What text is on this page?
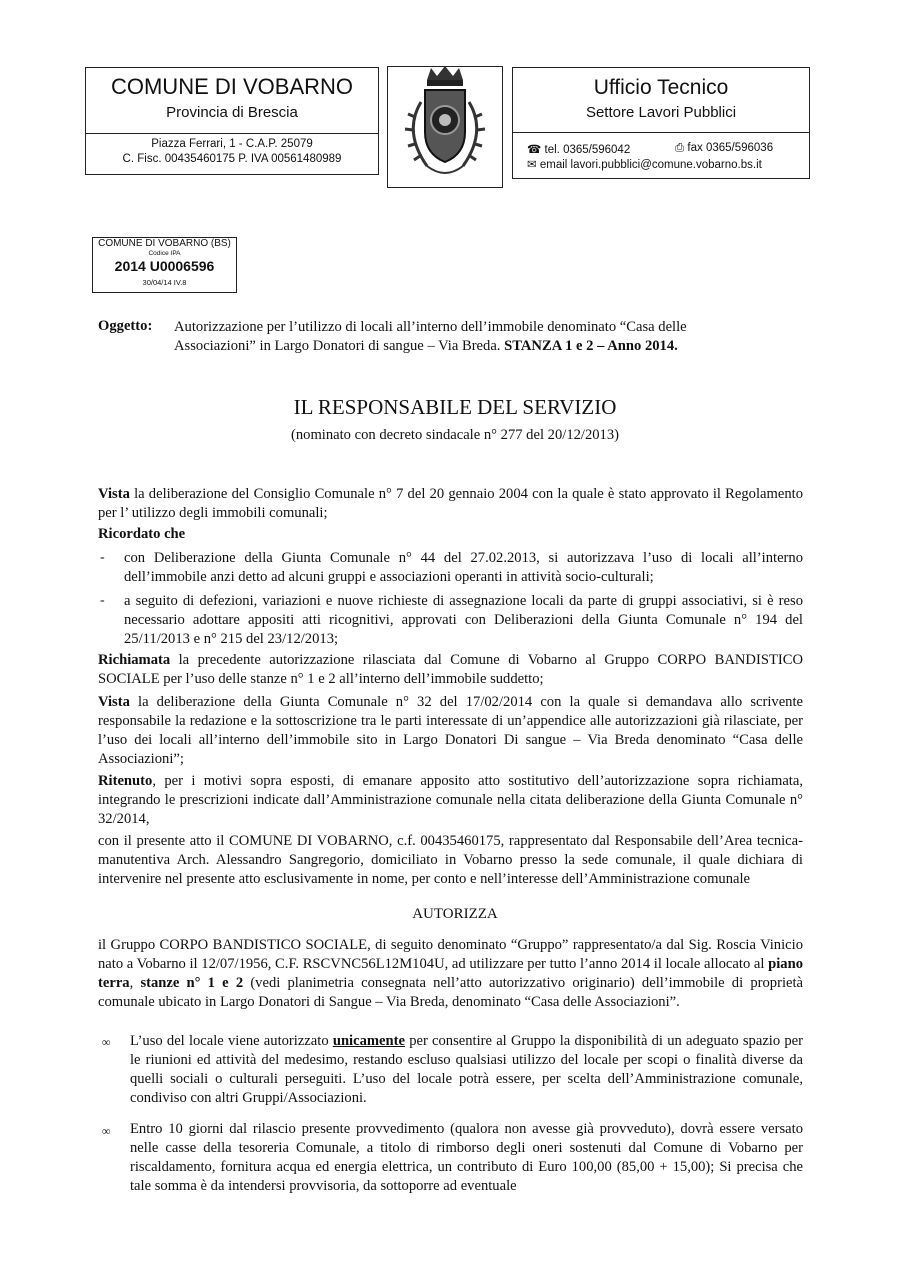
COMUNE DI VOBARNO
Provincia di Brescia
Piazza Ferrari, 1 - C.A.P. 25079
C. Fisc. 00435460175 P. IVA 00561480989
Ufficio Tecnico
Settore Lavori Pubblici
☎ tel. 0365/596042	⎙ fax 0365/596036
✉ email lavori.pubblici@comune.vobarno.bs.it
COMUNE DI VOBARNO (BS)
Codice IPA
2014 U0006596
30/04/14 IV.8
Oggetto: Autorizzazione per l’utilizzo di locali all’interno dell’immobile denominato “Casa delle
Associazioni” in Largo Donatori di sangue – Via Breda. STANZA 1 e 2 – Anno 2014.
IL RESPONSABILE DEL SERVIZIO
(nominato con decreto sindacale n° 277 del 20/12/2013)
Vista la deliberazione del Consiglio Comunale n° 7 del 20 gennaio 2004 con la quale è stato approvato il Regolamento per l’ utilizzo degli immobili comunali;
Ricordato che
- con Deliberazione della Giunta Comunale n° 44 del 27.02.2013, si autorizzava l’uso di locali all’interno dell’immobile anzi detto ad alcuni gruppi e associazioni operanti in attività socio-culturali;
- a seguito di defezioni, variazioni e nuove richieste di assegnazione locali da parte di gruppi associativi, si è reso necessario adottare appositi atti ricognitivi, approvati con Deliberazioni della Giunta Comunale n° 194 del 25/11/2013 e n° 215 del 23/12/2013;
Richiamata la precedente autorizzazione rilasciata dal Comune di Vobarno al Gruppo CORPO BANDISTICO SOCIALE per l’uso delle stanze n° 1 e 2 all’interno dell’immobile suddetto;
Vista la deliberazione della Giunta Comunale n° 32 del 17/02/2014 con la quale si demandava allo scrivente responsabile la redazione e la sottoscrizione tra le parti interessate di un’appendice alle autorizzazioni già rilasciate, per l’uso dei locali all’interno dell’immobile sito in Largo Donatori Di sangue – Via Breda denominato “Casa delle Associazioni”;
Ritenuto, per i motivi sopra esposti, di emanare apposito atto sostitutivo dell’autorizzazione sopra richiamata, integrando le prescrizioni indicate dall’Amministrazione comunale nella citata deliberazione della Giunta Comunale n° 32/2014,
con il presente atto il COMUNE DI VOBARNO, c.f. 00435460175, rappresentato dal Responsabile dell’Area tecnica-manutentiva Arch. Alessandro Sangregorio, domiciliato in Vobarno presso la sede comunale, il quale dichiara di intervenire nel presente atto esclusivamente in nome, per conto e nell’interesse dell’Amministrazione comunale
AUTORIZZA
il Gruppo CORPO BANDISTICO SOCIALE, di seguito denominato “Gruppo” rappresentato/a dal Sig. Roscia Vinicio nato a Vobarno il 12/07/1956, C.F. RSCVNC56L12M104U, ad utilizzare per tutto l’anno 2014 il locale allocato al piano terra, stanze n° 1 e 2 (vedi planimetria consegnata nell’atto autorizzativo originario) dell’immobile di proprietà comunale ubicato in Largo Donatori di Sangue – Via Breda, denominato “Casa delle Associazioni”.
∞ L’uso del locale viene autorizzato unicamente per consentire al Gruppo la disponibilità di un adeguato spazio per le riunioni ed attività del medesimo, restando escluso qualsiasi utilizzo del locale per scopi o finalità diverse da quelli sociali o culturali perseguiti. L’uso del locale potrà essere, per scelta dell’Amministrazione comunale, condiviso con altri Gruppi/Associazioni.
∞ Entro 10 giorni dal rilascio presente provvedimento (qualora non avesse già provveduto), dovrà essere versato nelle casse della tesoreria Comunale, a titolo di rimborso degli oneri sostenuti dal Comune di Vobarno per riscaldamento, fornitura acqua ed energia elettrica, un contributo di Euro 100,00 (85,00 + 15,00); Si precisa che tale somma è da intendersi provvisoria, da sottoporre ad eventuale
